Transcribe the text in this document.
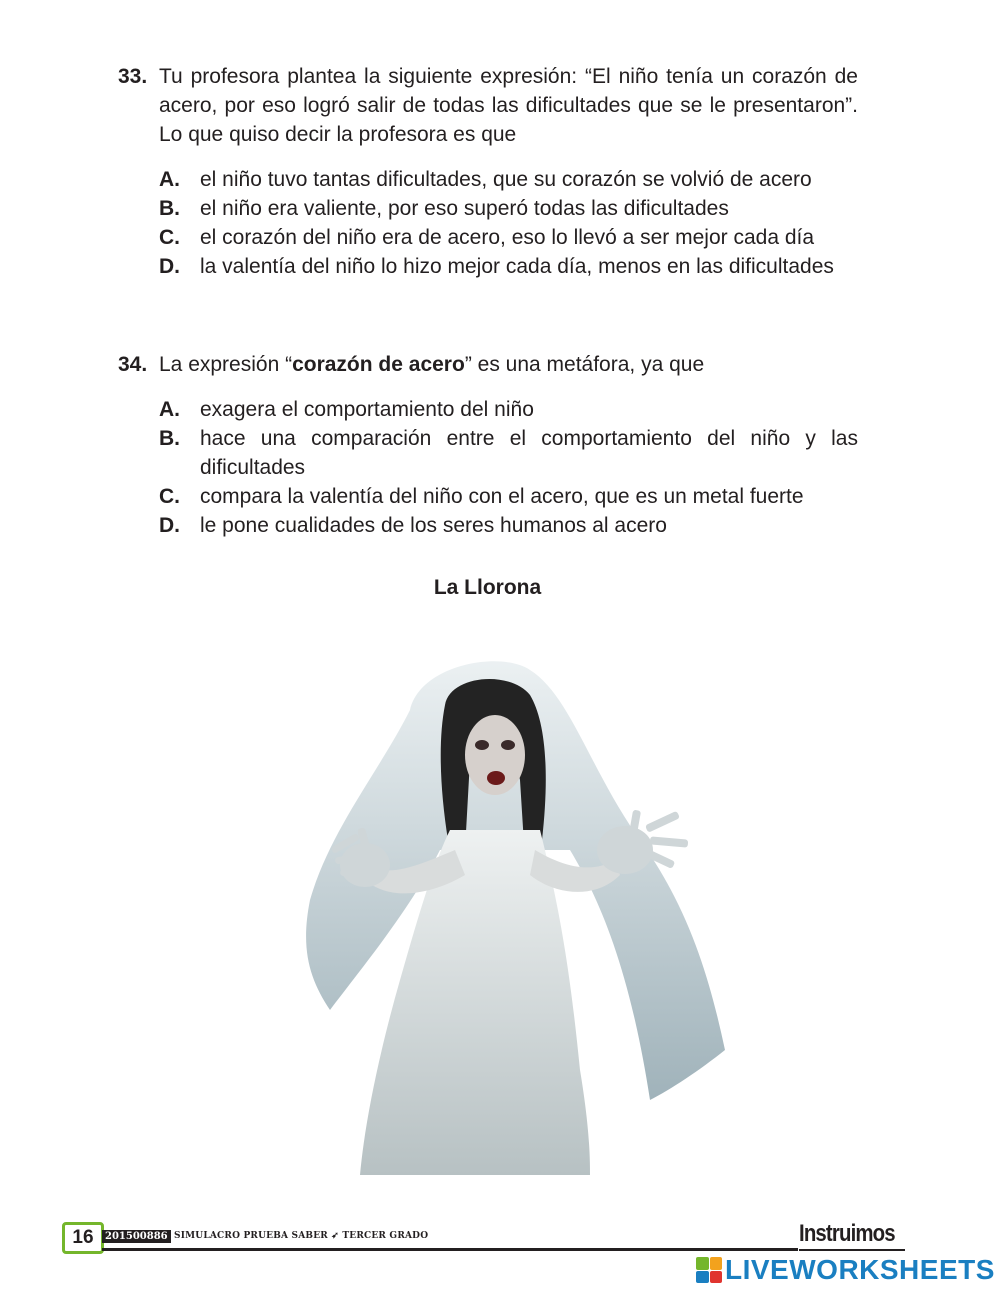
33. Tu profesora plantea la siguiente expresión: “El niño tenía un corazón de acero, por eso logró salir de todas las dificultades que se le presentaron”. Lo que quiso decir la profesora es que
A. el niño tuvo tantas dificultades, que su corazón se volvió de acero
B. el niño era valiente, por eso superó todas las dificultades
C. el corazón del niño era de acero, eso lo llevó a ser mejor cada día
D. la valentía del niño lo hizo mejor cada día, menos en las dificultades
34. La expresión “corazón de acero” es una metáfora, ya que
A. exagera el comportamiento del niño
B. hace una comparación entre el comportamiento del niño y las dificultades
C. compara la valentía del niño con el acero, que es un metal fuerte
D. le pone cualidades de los seres humanos al acero
La Llorona
16	201500886 SIMULACRO PRUEBA SABER ➶ TERCER GRADO	Instruimos
LIVEWORKSHEETS
